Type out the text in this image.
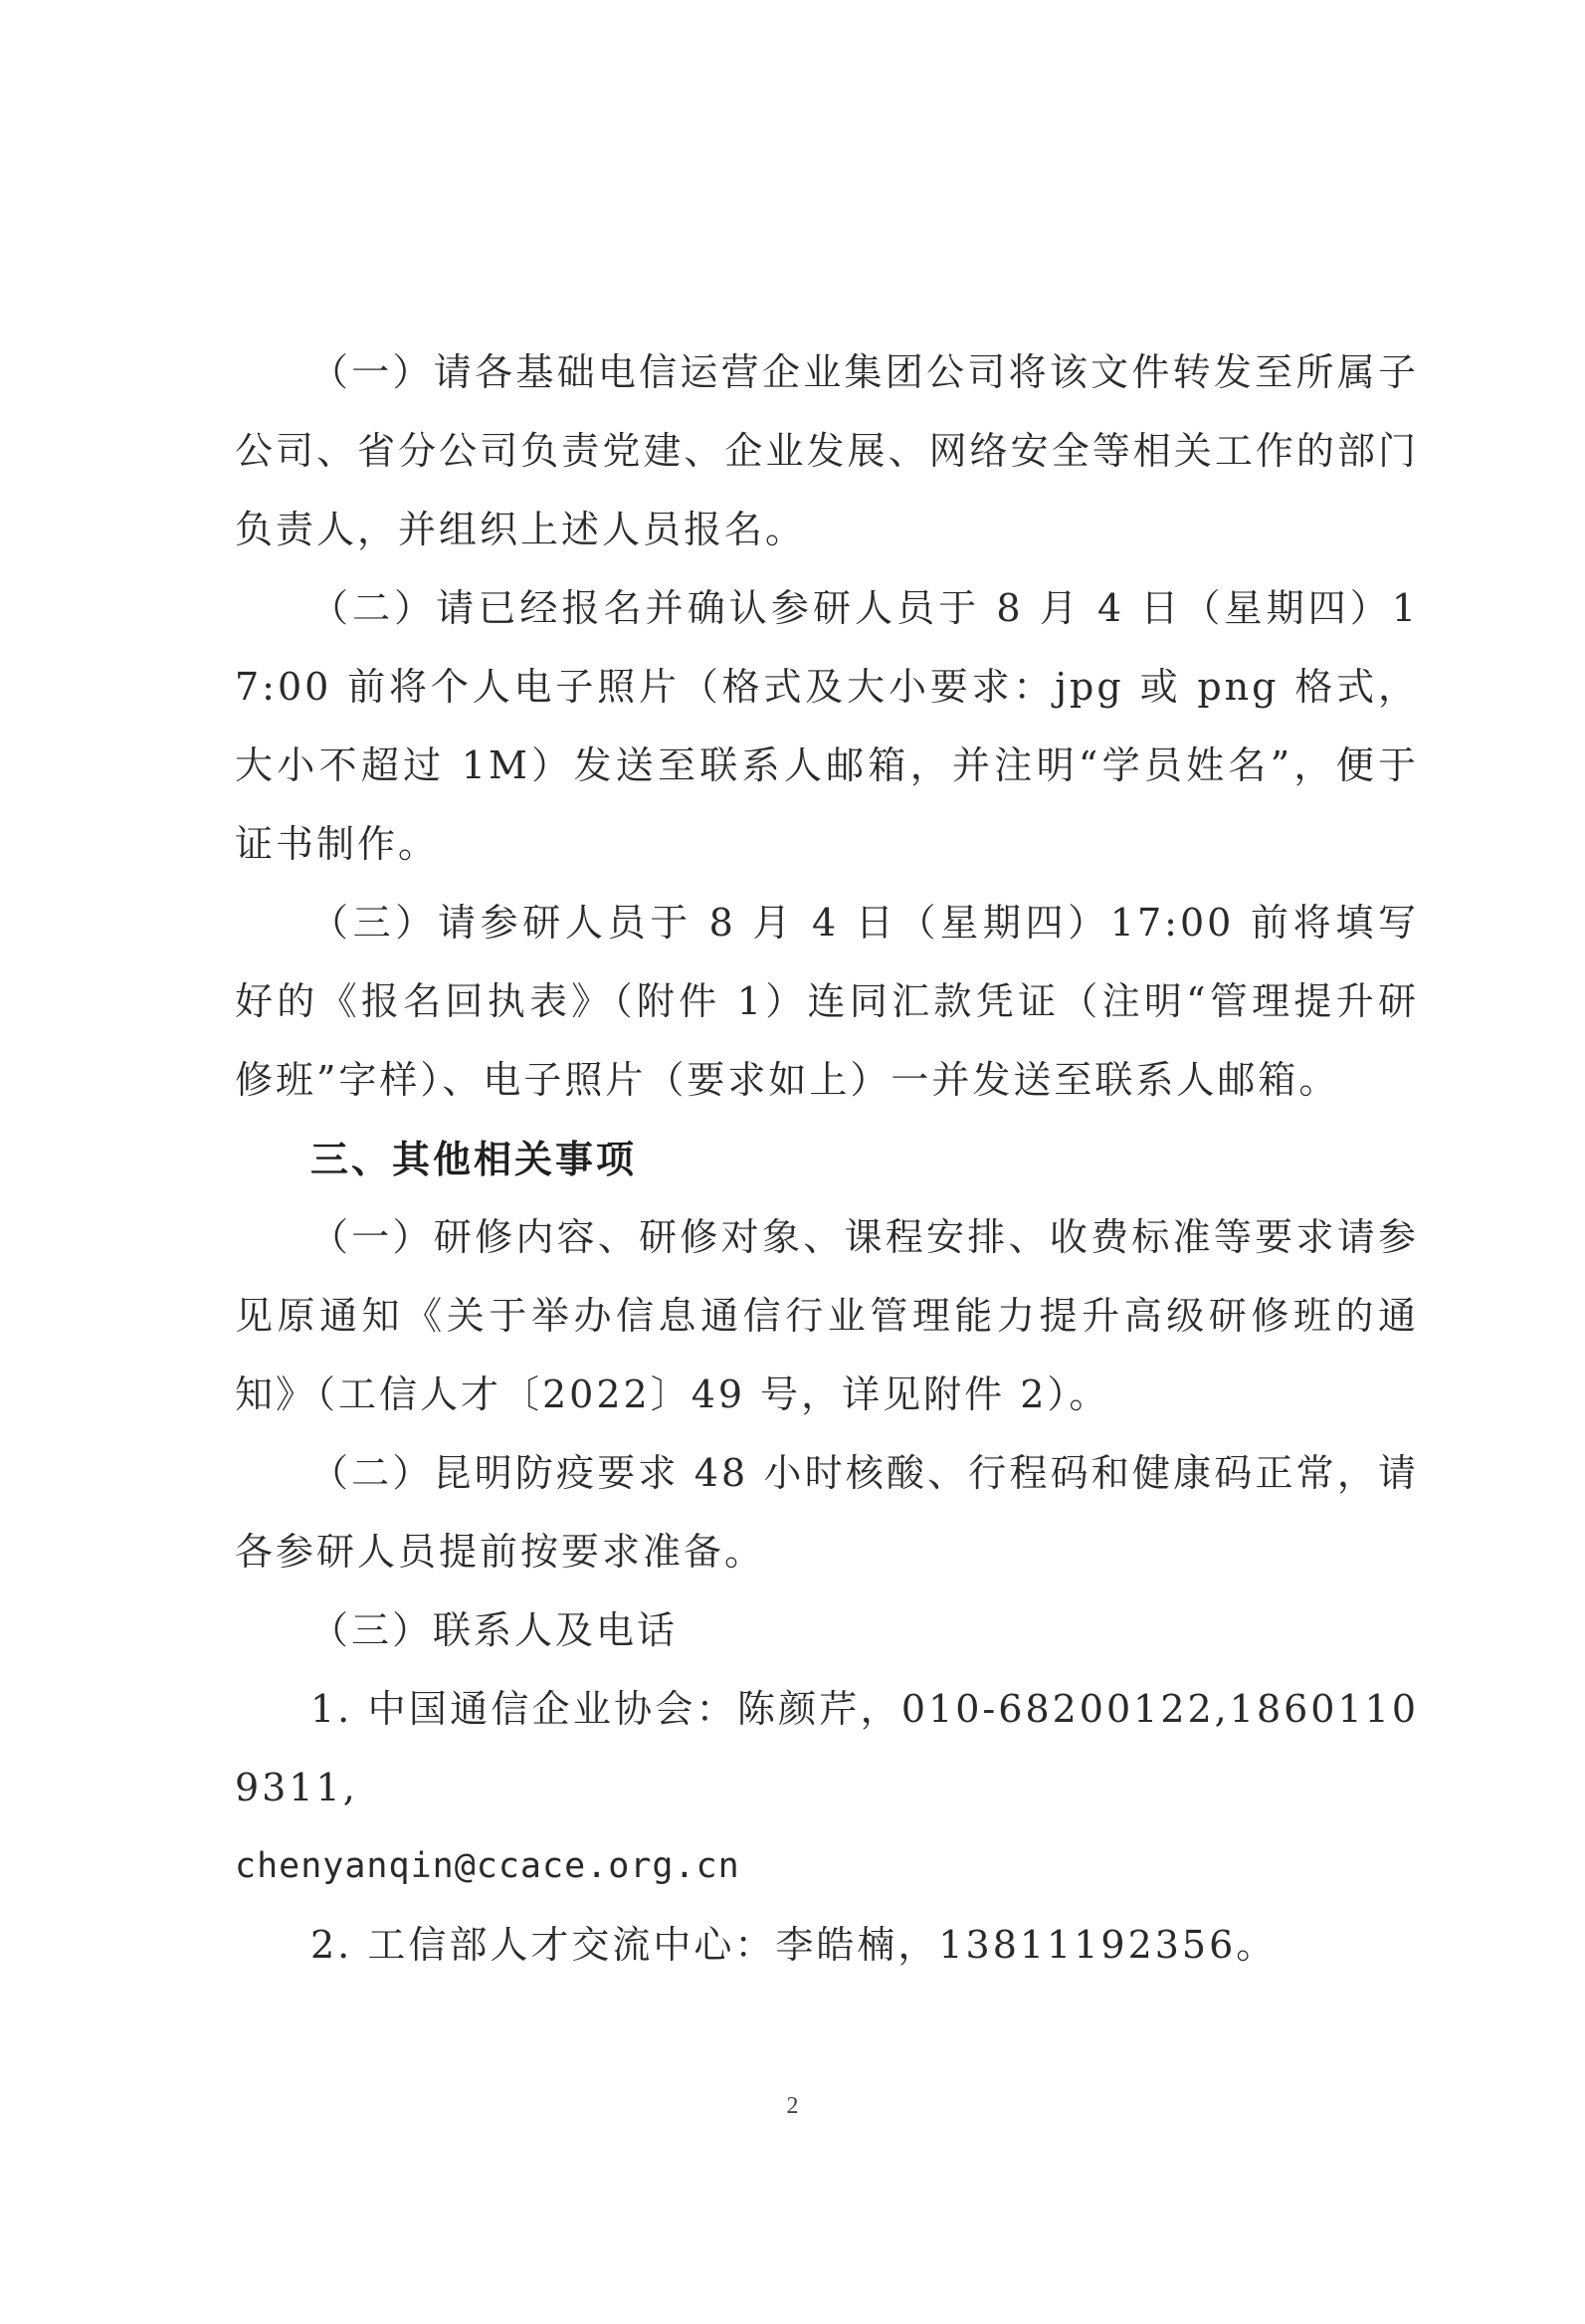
（一）请各基础电信运营企业集团公司将该文件转发至所属子公司、省分公司负责党建、企业发展、网络安全等相关工作的部门负责人，并组织上述人员报名。

（二）请已经报名并确认参研人员于 8 月 4 日（星期四）17:00 前将个人电子照片（格式及大小要求：jpg 或 png 格式，大小不超过 1M）发送至联系人邮箱，并注明“学员姓名”，便于证书制作。

（三）请参研人员于 8 月 4 日（星期四）17:00 前将填写好的《报名回执表》（附件 1）连同汇款凭证（注明“管理提升研修班”字样）、电子照片（要求如上）一并发送至联系人邮箱。

三、其他相关事项

（一）研修内容、研修对象、课程安排、收费标准等要求请参见原通知《关于举办信息通信行业管理能力提升高级研修班的通知》（工信人才〔2022〕49 号，详见附件 2）。

（二）昆明防疫要求 48 小时核酸、行程码和健康码正常，请各参研人员提前按要求准备。

（三）联系人及电话

1. 中国通信企业协会：陈颜芹，010-68200122,18601109311,

chenyanqin@ccace.org.cn

2. 工信部人才交流中心：李皓楠，13811192356。

2
